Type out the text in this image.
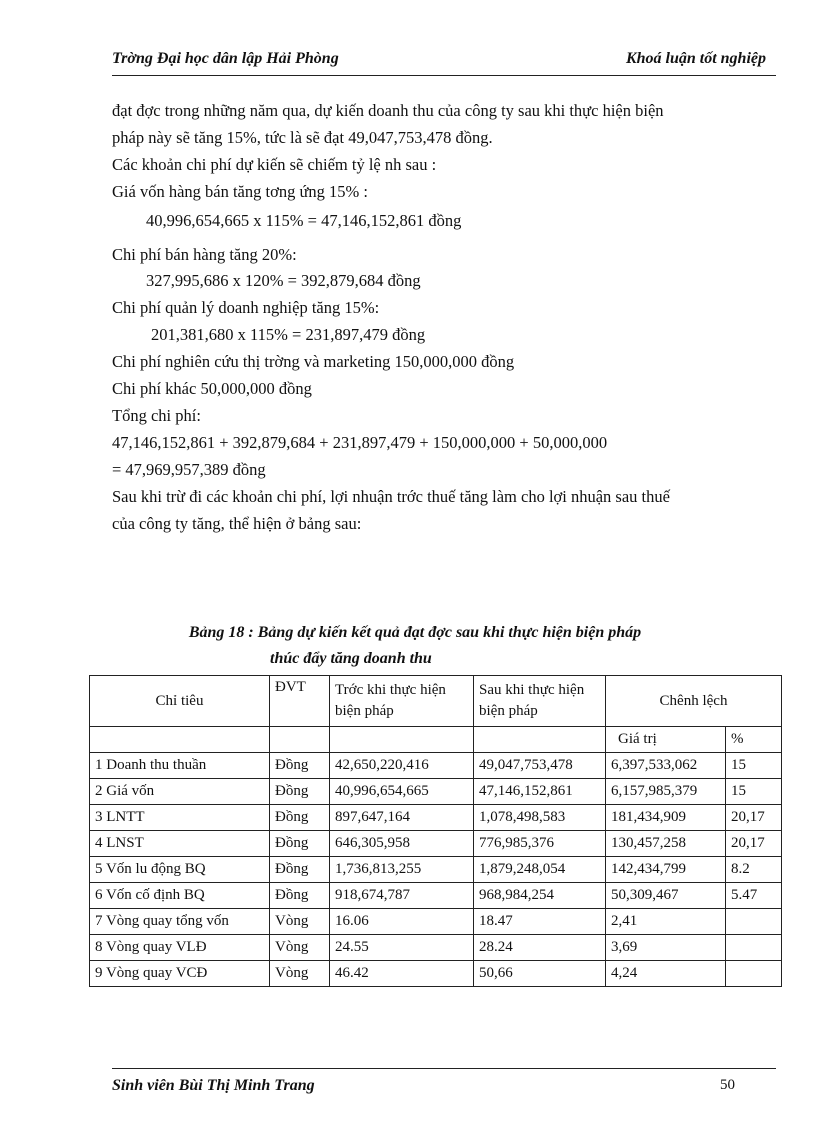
Trờng Đại học dân lập Hải Phòng	Khoá luận tốt nghiệp
đạt đợc trong những năm qua, dự kiến doanh thu của công ty sau khi thực hiện biện
pháp này sẽ tăng 15%, tức là sẽ đạt 49,047,753,478 đồng.
Các khoản chi phí dự kiến sẽ chiếm tỷ lệ nh sau :
Giá vốn hàng bán tăng tơng ứng 15% :
40,996,654,665 x 115% = 47,146,152,861 đồng
Chi phí bán hàng tăng 20%:
327,995,686 x 120% = 392,879,684 đồng
Chi phí quản lý doanh nghiệp tăng 15%:
201,381,680 x 115% = 231,897,479 đồng
Chi phí nghiên cứu thị trờng và marketing 150,000,000 đồng
Chi phí khác 50,000,000 đồng
Tổng chi phí:
47,146,152,861 + 392,879,684 + 231,897,479 + 150,000,000 + 50,000,000
= 47,969,957,389 đồng
Sau khi trừ đi các khoản chi phí, lợi nhuận trớc thuế tăng làm cho lợi nhuận sau thuế
của công ty tăng, thể hiện ở bảng sau:
Bảng 18 : Bảng dự kiến kết quả đạt đợc sau khi thực hiện biện pháp
thúc đẩy tăng doanh thu
Chỉ tiêu	ĐVT	Trớc khi thực hiện biện pháp	Sau khi thực hiện biện pháp	Chênh lệch	
				Giá trị	%
1 Doanh thu thuần	Đồng	42,650,220,416	49,047,753,478	6,397,533,062	15
2 Giá vốn	Đồng	40,996,654,665	47,146,152,861	6,157,985,379	15
3 LNTT	Đồng	897,647,164	1,078,498,583	181,434,909	20,17
4 LNST	Đồng	646,305,958	776,985,376	130,457,258	20,17
5 Vốn lu động BQ	Đồng	1,736,813,255	1,879,248,054	142,434,799	8.2
6 Vốn cố định BQ	Đồng	918,674,787	968,984,254	50,309,467	5.47
7 Vòng quay tổng vốn	Vòng	16.06	18.47	2,41	
8 Vòng quay VLĐ	Vòng	24.55	28.24	3,69	
9 Vòng quay VCĐ	Vòng	46.42	50,66	4,24	
Sinh viên Bùi Thị Minh Trang	50
